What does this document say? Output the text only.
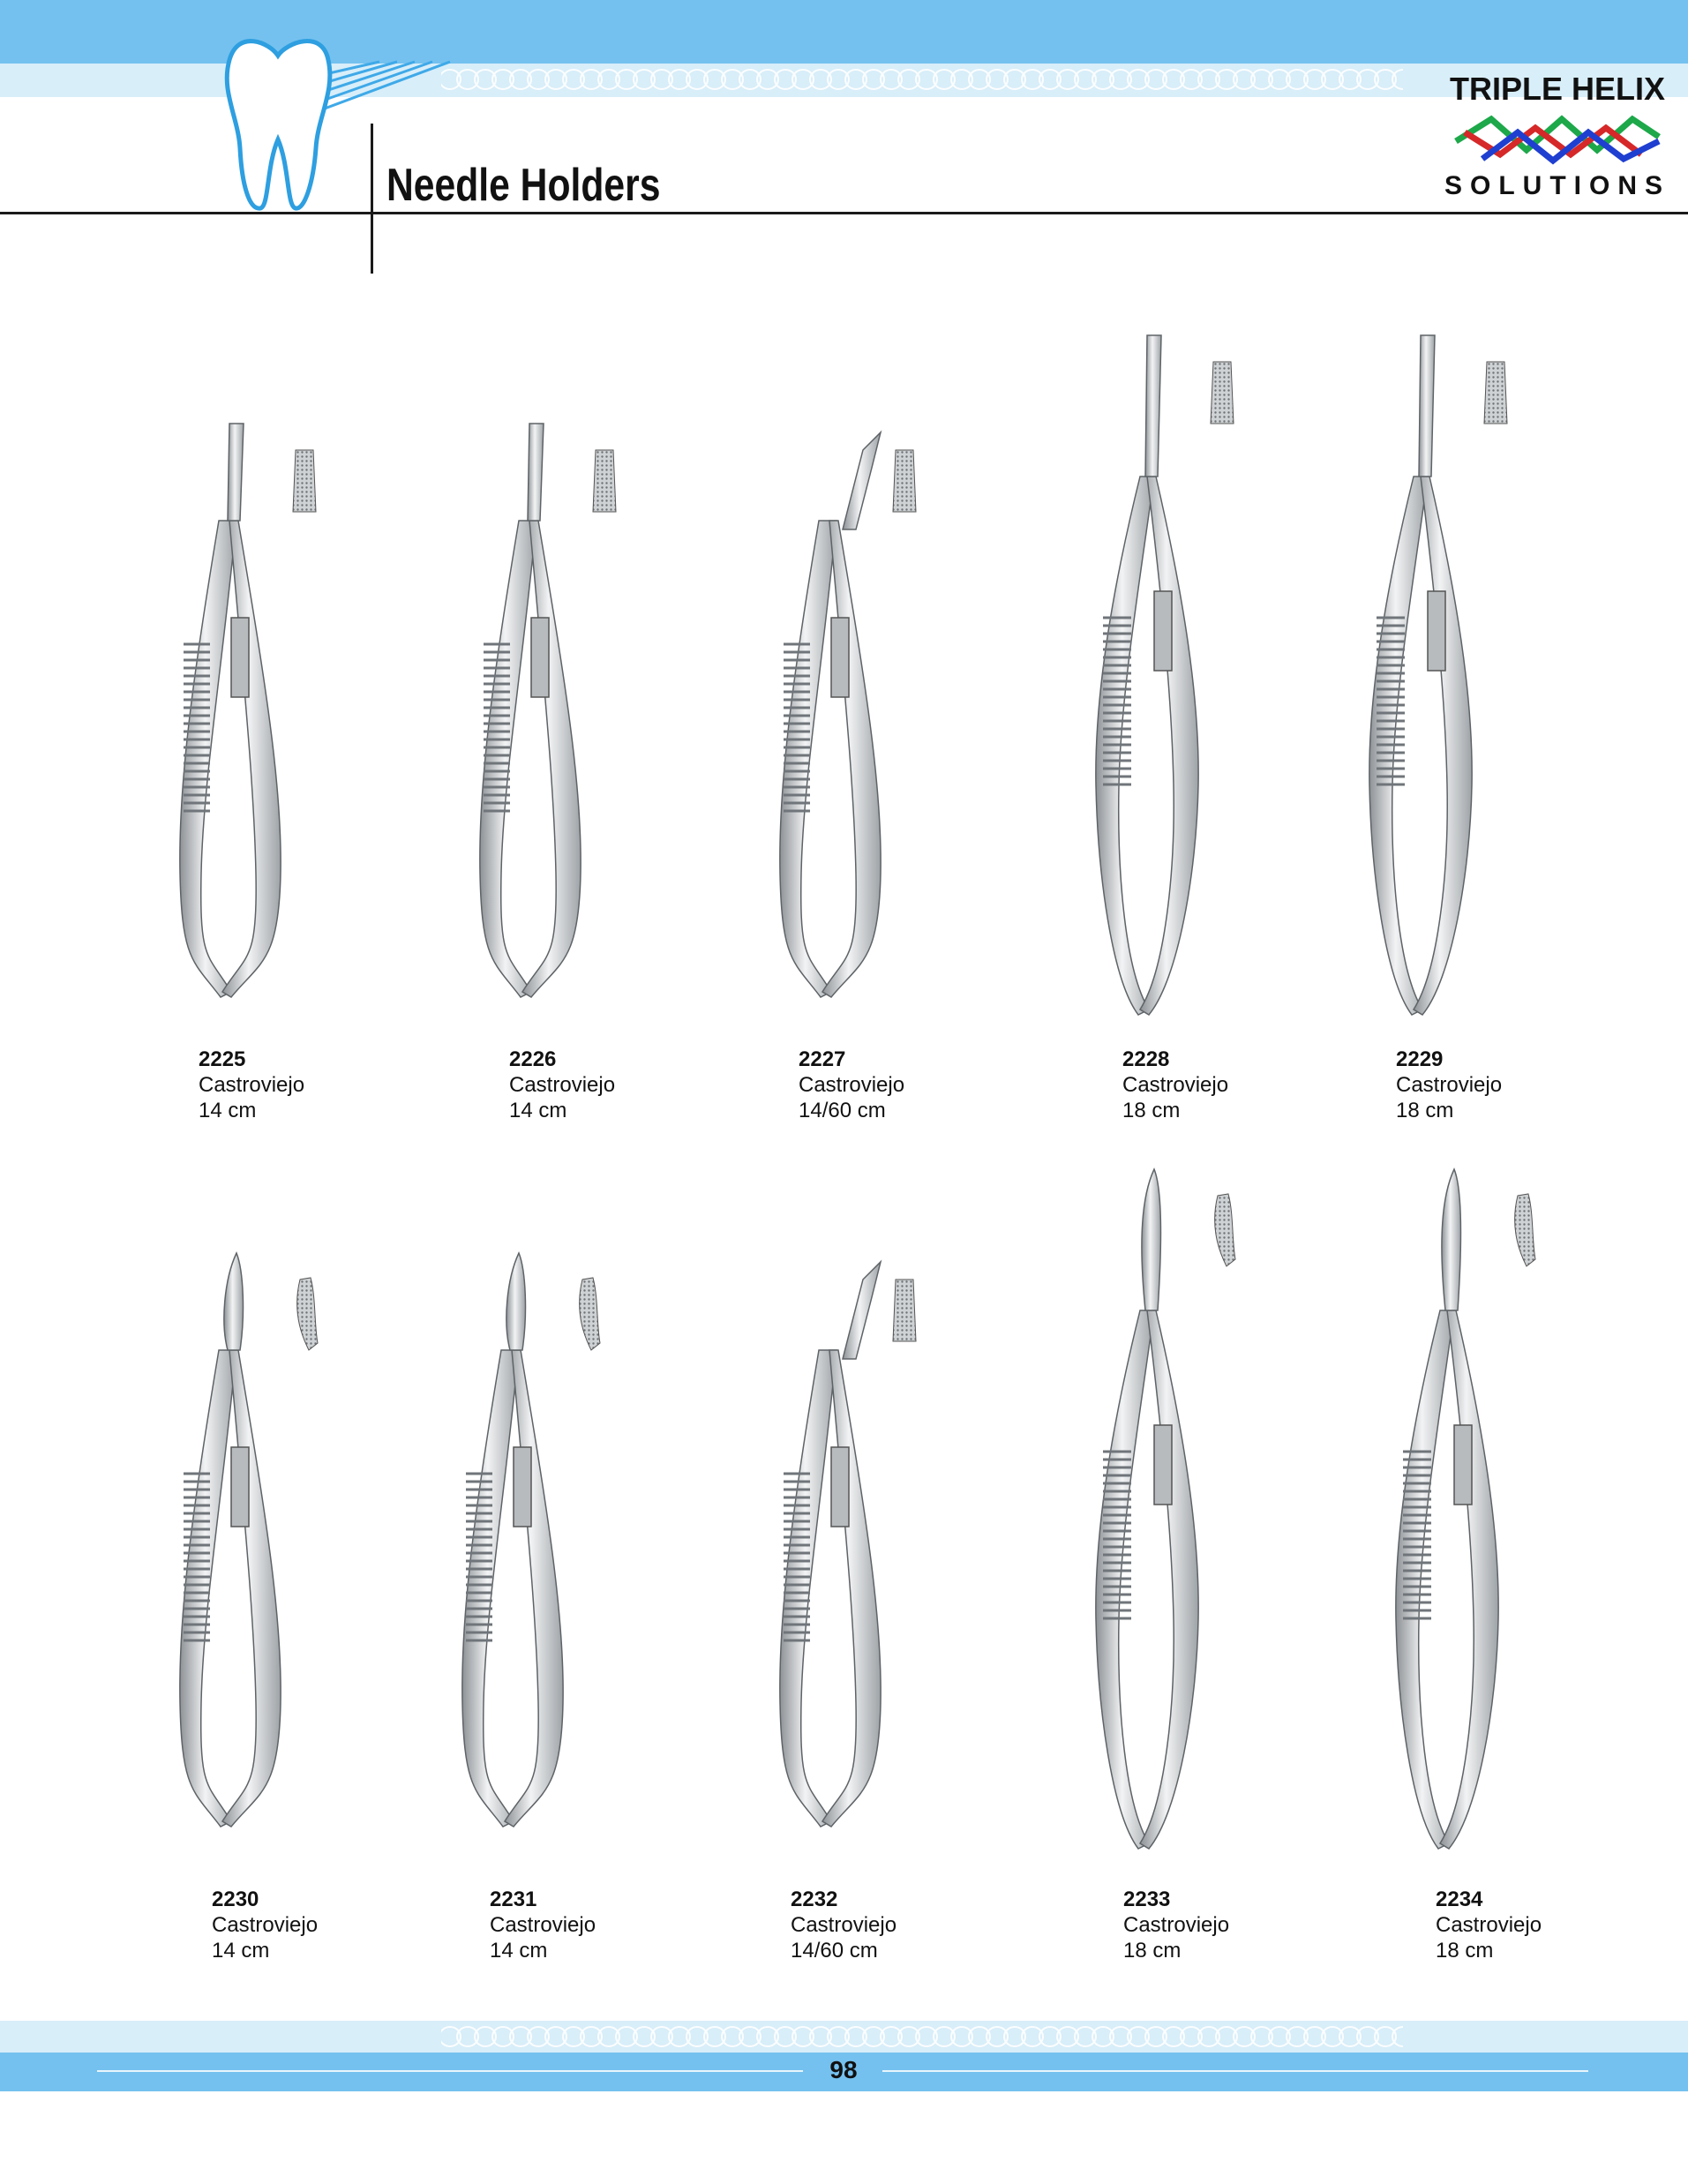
Needle Holders
TRIPLE HELIX
SOLUTIONS
2225
Castroviejo
14 cm
2226
Castroviejo
14 cm
2227
Castroviejo
14/60 cm
2228
Castroviejo
18 cm
2229
Castroviejo
18 cm
2230
Castroviejo
14 cm
2231
Castroviejo
14 cm
2232
Castroviejo
14/60 cm
2233
Castroviejo
18 cm
2234
Castroviejo
18 cm
98
